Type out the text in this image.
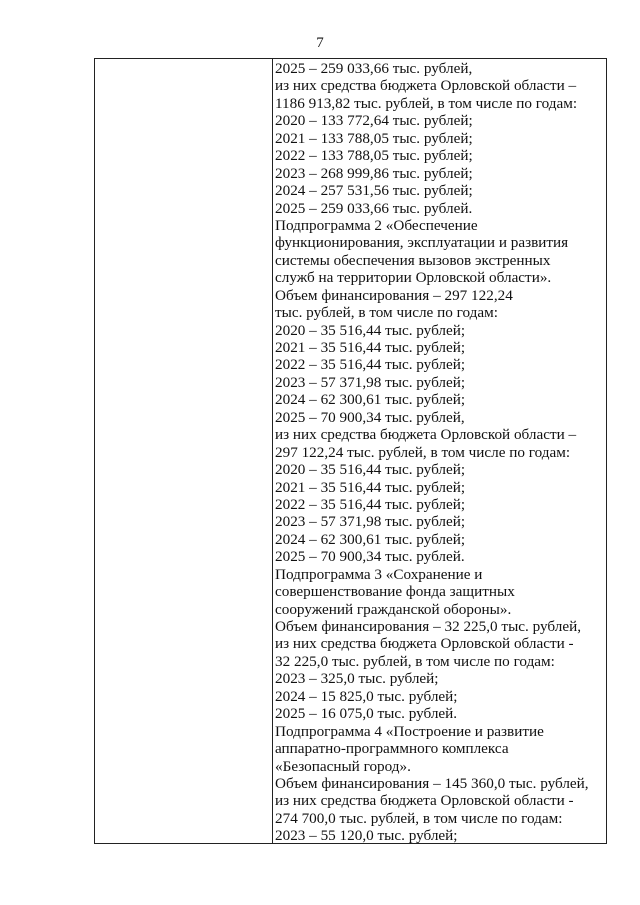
7
2025 – 259 033,66 тыс. рублей,
из них средства бюджета Орловской области –
1186 913,82 тыс. рублей, в том числе по годам:
2020 – 133 772,64 тыс. рублей;
2021 – 133 788,05 тыс. рублей;
2022 – 133 788,05 тыс. рублей;
2023 – 268 999,86 тыс. рублей;
2024 – 257 531,56 тыс. рублей;
2025 – 259 033,66 тыс. рублей.
Подпрограмма 2 «Обеспечение
функционирования, эксплуатации и развития
системы обеспечения вызовов экстренных
служб на территории Орловской области».
Объем финансирования – 297 122,24
тыс. рублей, в том числе по годам:
2020 – 35 516,44 тыс. рублей;
2021 – 35 516,44 тыс. рублей;
2022 – 35 516,44 тыс. рублей;
2023 – 57 371,98 тыс. рублей;
2024 – 62 300,61 тыс. рублей;
2025 – 70 900,34 тыс. рублей,
из них средства бюджета Орловской области –
297 122,24 тыс. рублей, в том числе по годам:
2020 – 35 516,44 тыс. рублей;
2021 – 35 516,44 тыс. рублей;
2022 – 35 516,44 тыс. рублей;
2023 – 57 371,98 тыс. рублей;
2024 – 62 300,61 тыс. рублей;
2025 – 70 900,34 тыс. рублей.
Подпрограмма 3 «Сохранение и
совершенствование фонда защитных
сооружений гражданской обороны».
Объем финансирования – 32 225,0 тыс. рублей,
из них средства бюджета Орловской области -
32 225,0 тыс. рублей, в том числе по годам:
2023 – 325,0 тыс. рублей;
2024 – 15 825,0 тыс. рублей;
2025 – 16 075,0 тыс. рублей.
Подпрограмма 4 «Построение и развитие
аппаратно-программного комплекса
«Безопасный город».
Объем финансирования – 145 360,0 тыс. рублей,
из них средства бюджета Орловской области -
274 700,0 тыс. рублей, в том числе по годам:
2023 – 55 120,0 тыс. рублей;
